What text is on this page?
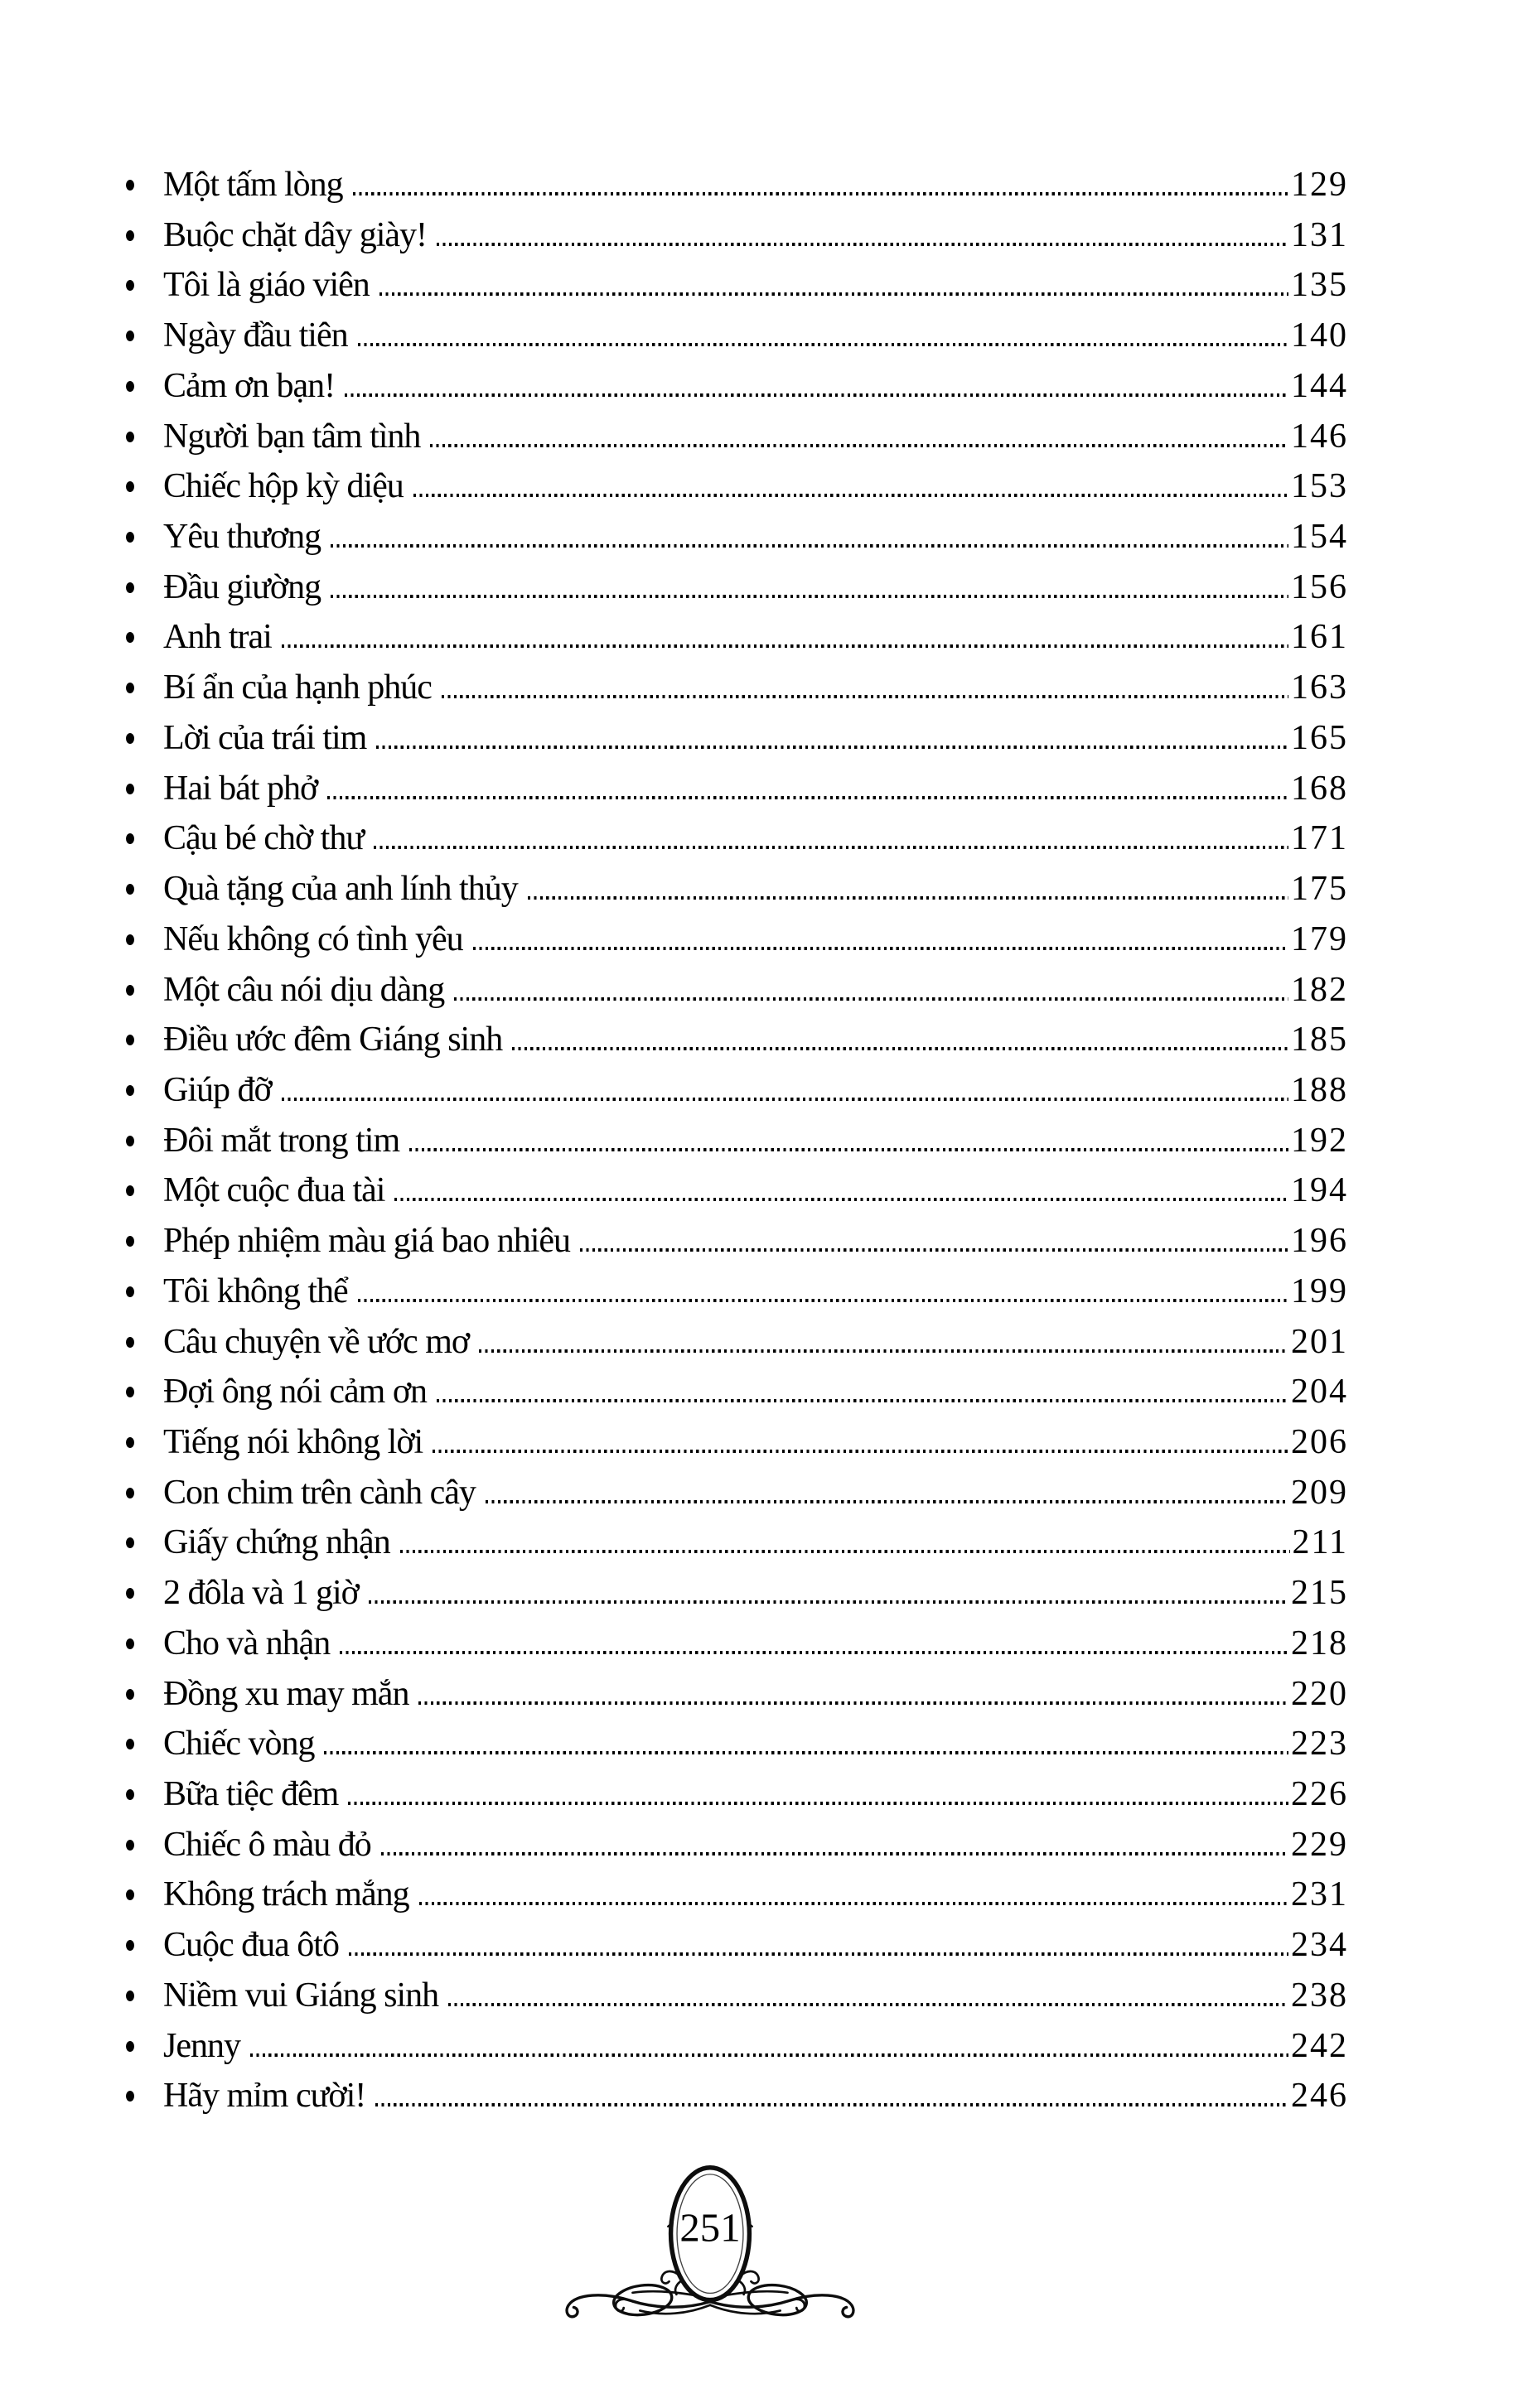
Một tấm lòng	129
Buộc chặt dây giày!	131
Tôi là giáo viên	135
Ngày đầu tiên	140
Cảm ơn bạn!	144
Người bạn tâm tình	146
Chiếc hộp kỳ diệu	153
Yêu thương	154
Đầu giường	156
Anh trai	161
Bí ẩn của hạnh phúc	163
Lời của trái tim	165
Hai bát phở	168
Cậu bé chờ thư	171
Quà tặng của anh lính thủy	175
Nếu không có tình yêu	179
Một câu nói dịu dàng	182
Điều ước đêm Giáng sinh	185
Giúp đỡ	188
Đôi mắt trong tim	192
Một cuộc đua tài	194
Phép nhiệm màu giá bao nhiêu	196
Tôi không thể	199
Câu chuyện về ước mơ	201
Đợi ông nói cảm ơn	204
Tiếng nói không lời	206
Con chim trên cành cây	209
Giấy chứng nhận	211
2 đôla và 1 giờ	215
Cho và nhận	218
Đồng xu may mắn	220
Chiếc vòng	223
Bữa tiệc đêm	226
Chiếc ô màu đỏ	229
Không trách mắng	231
Cuộc đua ôtô	234
Niềm vui Giáng sinh	238
Jenny	242
Hãy mỉm cười!	246
251
